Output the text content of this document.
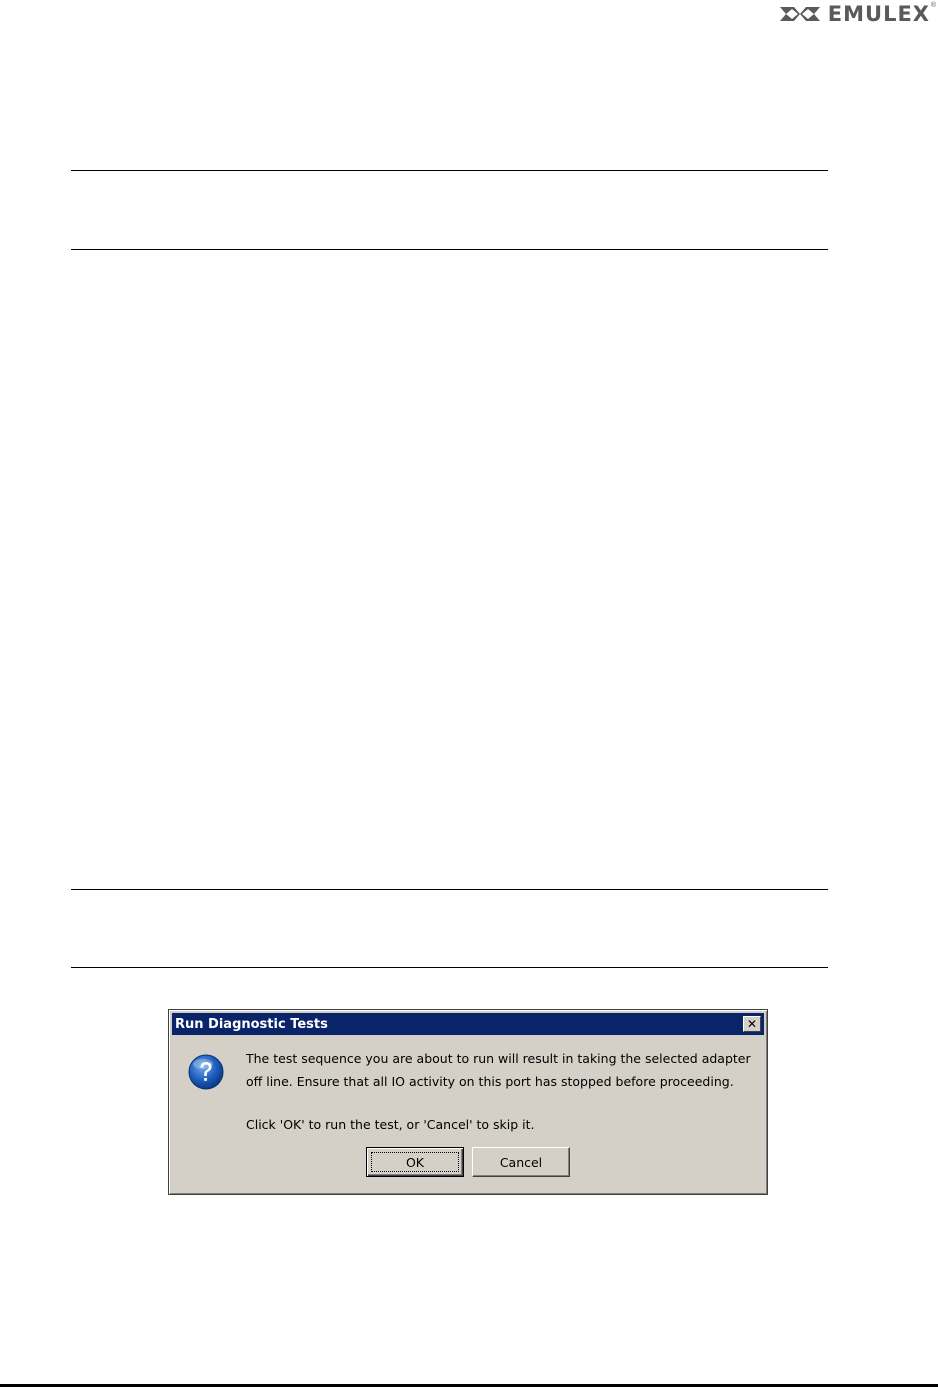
EMULEX ®
Run Diagnostic Tests	✕
The test sequence you are about to run will result in taking the selected adapter
off line. Ensure that all IO activity on this port has stopped before proceeding.
Click 'OK' to run the test, or 'Cancel' to skip it.
OK	Cancel
